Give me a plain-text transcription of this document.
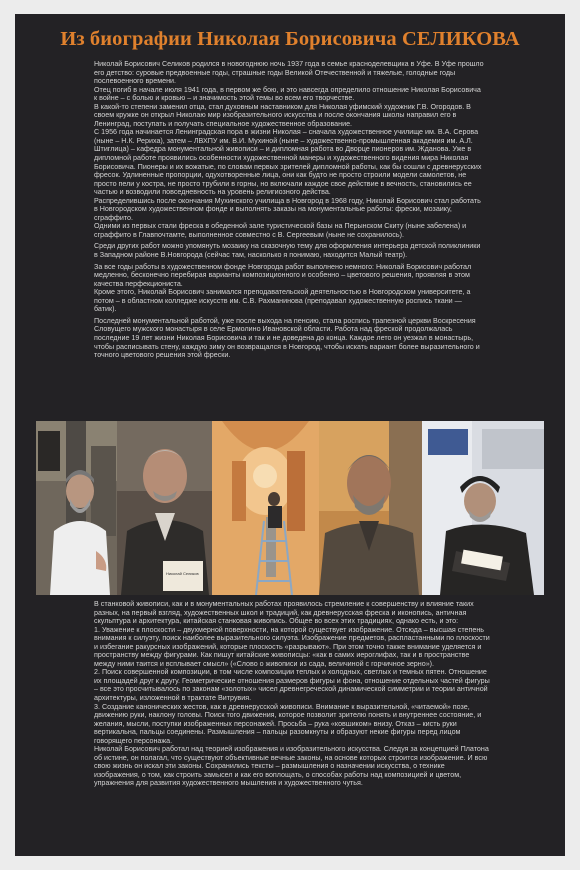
Из биографии Николая Борисовича СЕЛИКОВА

Николай Борисович Селиков родился в новогоднюю ночь 1937 года в семье красноделевщика в Уфе. В Уфе прошло его детство: суровые предвоенные годы, страшные годы Великой Отечественной и тяжелые, голодные годы послевоенного времени.

Отец погиб в начале июля 1941 года, в первом же бою, и это навсегда определило отношение Николая Борисовича к войне – с болью и кровью – и значимость этой темы во всем его творчестве.

В какой-то степени заменил отца, стал духовным наставником для Николая уфимский художник Г.В. Огородов. В своем кружке он открыл Николаю мир изобразительного искусства и после окончания школы направил его в Ленинград, поступать и получать специальное художественное образование.

С 1956 года начинается Ленинградская пора в жизни Николая – сначала художественное училище им. В.А. Серова (ныне – Н.К. Рериха), затем – ЛВХПУ им. В.И. Мухиной (ныне – художественно-промышленная академия им. А.Л. Штиглица) – кафедра монументальной живописи – и дипломная работа во Дворце пионеров им. Жданова. Уже в дипломной работе проявились особенности художественной манеры и художественного видения мира Николая Борисовича. Пионеры и их вожатые, по словам первых зрителей дипломной работы, как бы сошли с древнерусских фресок. Удлиненные пропорции, одухотворенные лица, они как будто не просто строили модели самолетов, не просто пели у костра, не просто трубили в горны, но включали каждое свое действие в вечность, становились ее частью и возводили повседневность на уровень религиозного действа.

Распределившись после окончания Мухинского училища в Новгород в 1968 году, Николай Борисович стал работать в Новгородском художественном фонде и выполнять заказы на монументальные работы: фрески, мозаику, сграффито.

Одними из первых стали фреска в обеденной зале туристической базы на Перынском Скиту (ныне забелена) и сграффито в Главпочтамте, выполненное совместно с В. Сергеевым (ныне не сохранилось).

Среди других работ можно упомянуть мозаику на сказочную тему для оформления интерьера детской поликлиники в Западном районе В.Новгорода (сейчас там, насколько я понимаю, находится Малый театр).

За все годы работы в художественном фонде Новгорода работ выполнено немного: Николай Борисович работал медленно, бесконечно перебирая варианты композиционного и особенно – цветового решения, проявляя в этом качества перфекциониста.

Кроме этого, Николай Борисович занимался преподавательской деятельностью в Новгородском университете, а потом – в областном колледже искусств им. С.В. Рахманинова (преподавал художественную роспись ткани — батик).

Последней монументальной работой, уже после выхода на пенсию, стала роспись трапезной церкви Воскресения Словущего мужского монастыря в селе Ермолино Ивановской области. Работа над фреской продолжалась последние 19 лет жизни Николая Борисовича и так и не доведена до конца. Каждое лето он уезжал в монастырь, чтобы расписывать стену, каждую зиму он возвращался в Новгород, чтобы искать вариант более выразительного и точного цветового решения этой фрески.

Николай Селиков

В станковой живописи, как и в монументальных работах проявилось стремление к совершенству и влияние таких разных, на первый взгляд, художественных школ и традиций, как древнерусская фреска и иконопись, античная скульптура и архитектура, китайская станковая живопись. Общее во всех этих традициях, однако есть, и это:

1. Уважение к плоскости – двухмерной поверхности, на которой существует изображение. Отсюда – высшая степень внимания к силуэту, поиск наиболее выразительного силуэта. Изображение предметов, распластанными по плоскости и избегание ракурсных изображений, которые плоскость «разрывают». При этом точно также внимание уделяется и пространству между фигурами. Как пишут китайские живописцы: «как в самих иероглифах, так и в пространстве между ними таится и всплывает смысл» («Слово о живописи из сада, величиной с горчичное зерно»).

2. Поиск совершенной композиции, в том числе композиции теплых и холодных, светлых и темных пятен. Отношение их площадей друг к другу. Геометрические отношения размеров фигуры и фона, отношение отдельных частей фигуры – все это просчитывалось по законам «золотых» чисел древнегреческой динамической симметрии и теории античной архитектуры, изложенной в трактате Витрувия.

3. Создание канонических жестов, как в древнерусской живописи. Внимание к выразительной, «читаемой» позе, движению руки, наклону головы. Поиск того движения, которое позволит зрителю понять и внутреннее состояние, и желания, мысли, поступки изображенных персонажей. Просьба – рука «ковшиком» внизу. Отказ – кисть руки вертикальна, пальцы соединены. Размышления – пальцы разомкнуты и образуют некие фигуры перед лицом говорящего персонажа.

Николай Борисович работал над теорией изображения и изобразительного искусства. Следуя за концепцией Платона об истине, он полагал, что существуют объективные вечные законы, на основе которых строится изображение. И всю свою жизнь он искал эти законы. Сохранились тексты – размышления о назначении искусства, о технике изображения, о том, как строить замысел и как его воплощать, о способах работы над композицией и цветом, упражнения для развития художественного мышления и художественного чутья.
